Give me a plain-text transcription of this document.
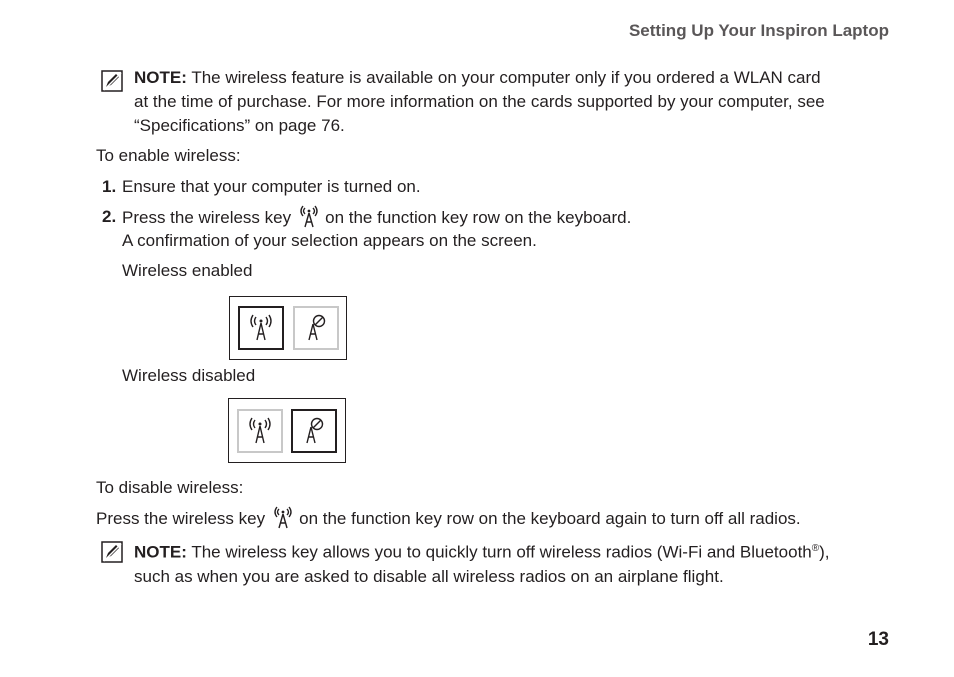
Setting Up Your Inspiron Laptop
NOTE: The wireless feature is available on your computer only if you ordered a WLAN card
at the time of purchase. For more information on the cards supported by your computer, see
“Specifications” on page 76.
To enable wireless:
1. Ensure that your computer is turned on.
2. Press the wireless key on the function key row on the keyboard.
A confirmation of your selection appears on the screen.
Wireless enabled
Wireless disabled
To disable wireless:
Press the wireless key on the function key row on the keyboard again to turn off all radios.
NOTE: The wireless key allows you to quickly turn off wireless radios (Wi-Fi and Bluetooth®),
such as when you are asked to disable all wireless radios on an airplane flight.
13
